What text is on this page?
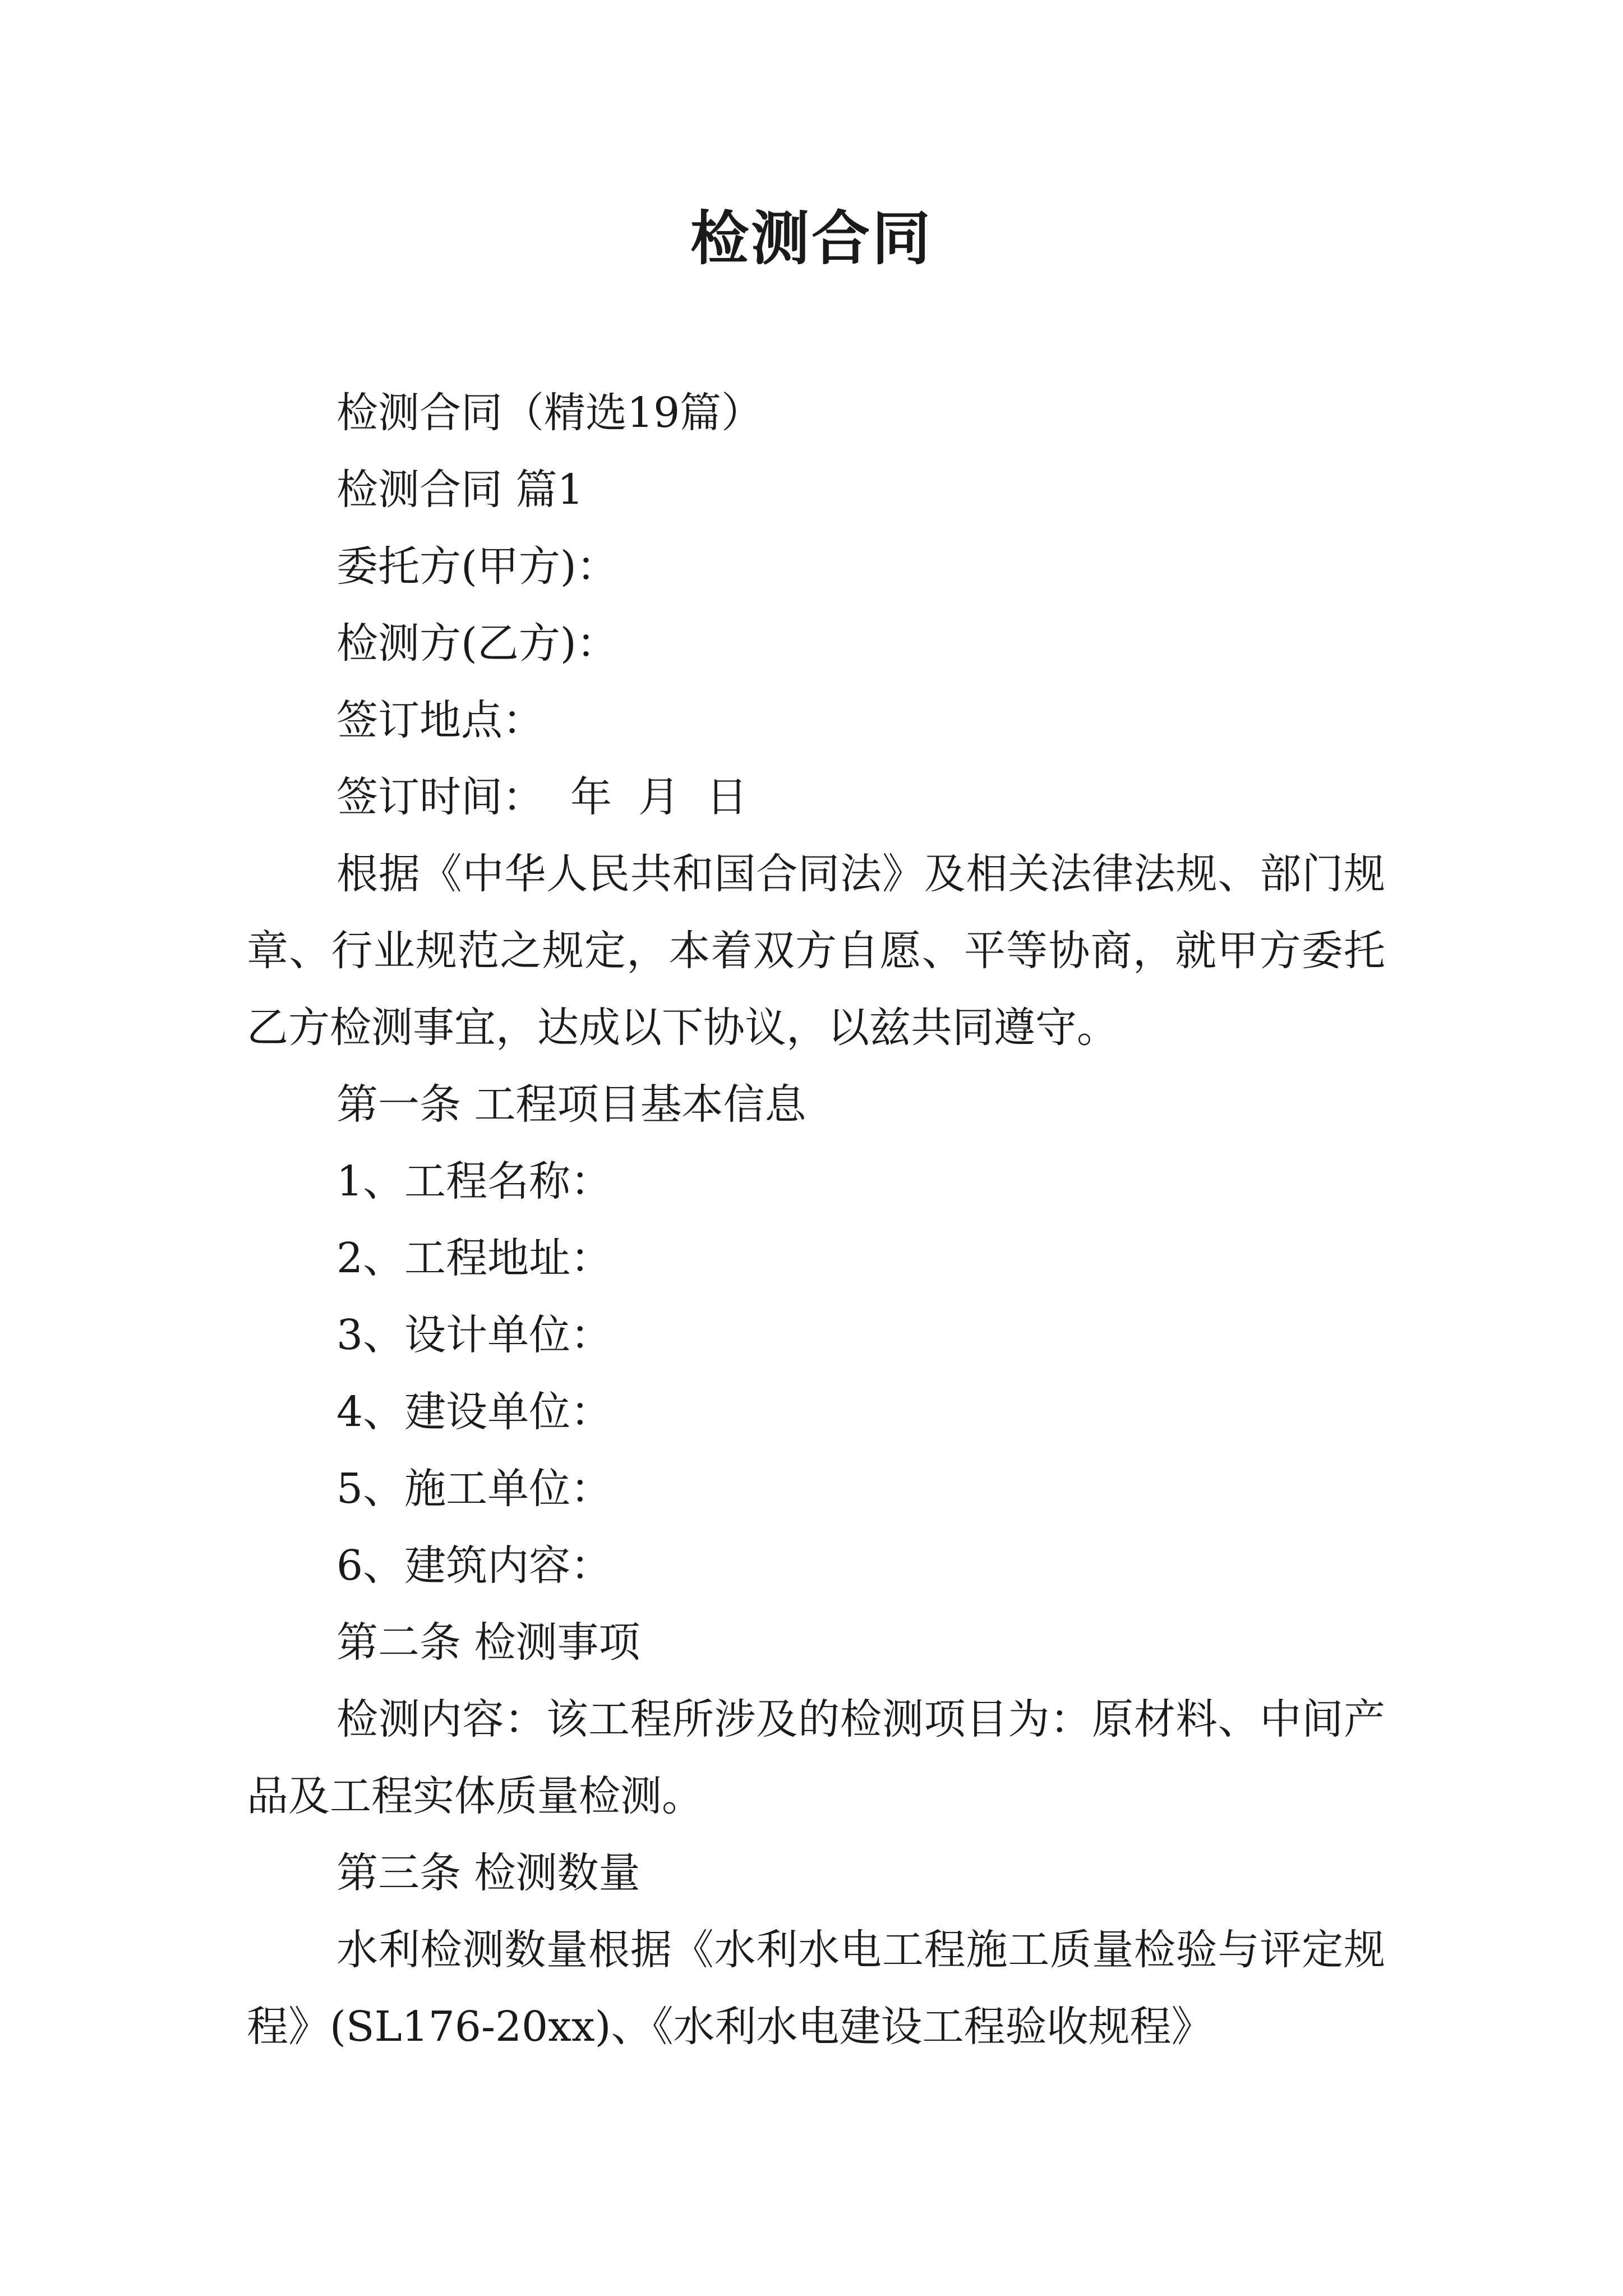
检测合同

检测合同（精选19篇）

检测合同 篇1

委托方(甲方)：

检测方(乙方)：

签订地点：

签订时间：  年  月  日

根据《中华人民共和国合同法》及相关法律法规、部门规章、行业规范之规定，本着双方自愿、平等协商，就甲方委托乙方检测事宜，达成以下协议，以兹共同遵守。

第一条 工程项目基本信息

1、工程名称：

2、工程地址：

3、设计单位：

4、建设单位：

5、施工单位：

6、建筑内容：

第二条 检测事项

检测内容：该工程所涉及的检测项目为：原材料、中间产品及工程实体质量检测。

第三条 检测数量

水利检测数量根据《水利水电工程施工质量检验与评定规程》(SL176-20xx)、《水利水电建设工程验收规程》
